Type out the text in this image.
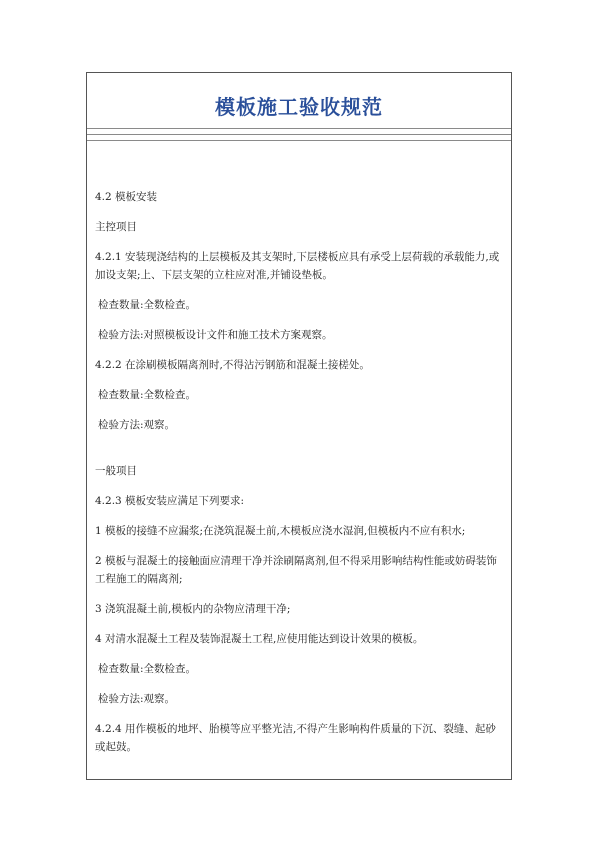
模板施工验收规范

4.2 模板安装

主控项目

4.2.1 安装现浇结构的上层模板及其支架时,下层楼板应具有承受上层荷载的承载能力,或加设支架;上、下层支架的立柱应对准,并铺设垫板。

检查数量:全数检查。

检验方法:对照模板设计文件和施工技术方案观察。

4.2.2 在涂刷模板隔离剂时,不得沾污钢筋和混凝土接槎处。

检查数量:全数检查。

检验方法:观察。

一般项目

4.2.3 模板安装应满足下列要求:

1 模板的接缝不应漏浆;在浇筑混凝土前,木模板应浇水湿润,但模板内不应有积水;

2 模板与混凝土的接触面应清理干净并涂刷隔离剂,但不得采用影响结构性能或妨碍装饰工程施工的隔离剂;

3 浇筑混凝土前,模板内的杂物应清理干净;

4 对清水混凝土工程及装饰混凝土工程,应使用能达到设计效果的模板。

检查数量:全数检查。

检验方法:观察。

4.2.4 用作模板的地坪、胎模等应平整光洁,不得产生影响构件质量的下沉、裂缝、起砂或起鼓。
